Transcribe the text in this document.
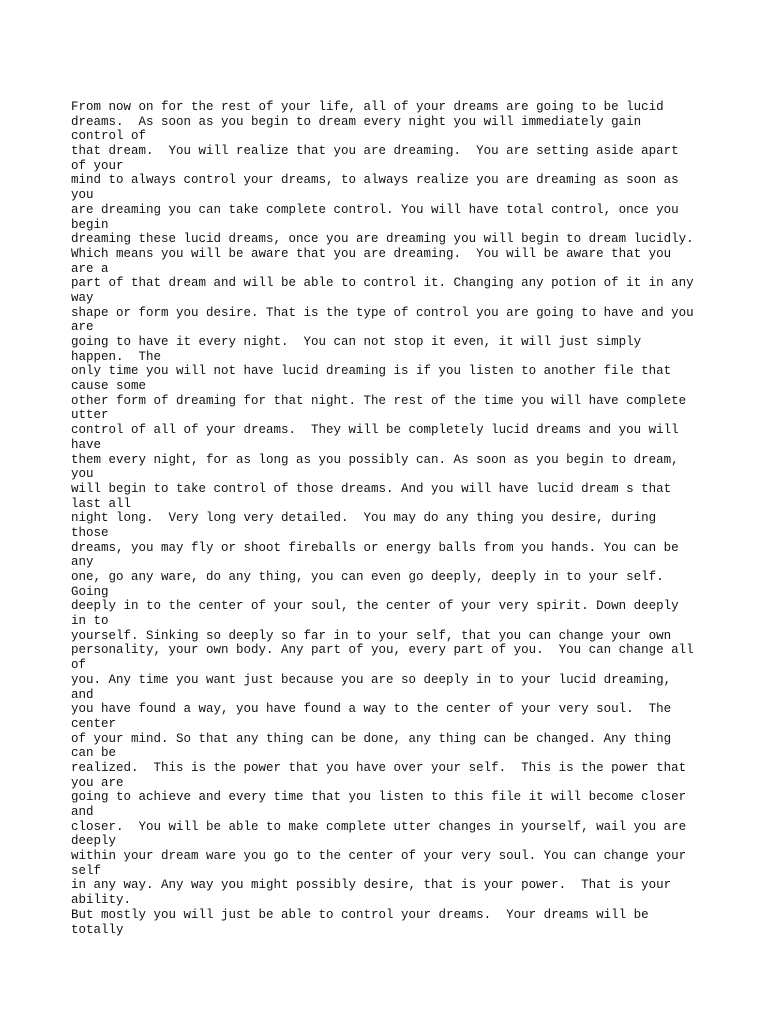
From now on for the rest of your life, all of your dreams are going to be lucid
dreams.  As soon as you begin to dream every night you will immediately gain
control of
that dream.  You will realize that you are dreaming.  You are setting aside apart
of your
mind to always control your dreams, to always realize you are dreaming as soon as
you
are dreaming you can take complete control. You will have total control, once you
begin
dreaming these lucid dreams, once you are dreaming you will begin to dream lucidly.
Which means you will be aware that you are dreaming.  You will be aware that you
are a
part of that dream and will be able to control it. Changing any potion of it in any
way
shape or form you desire. That is the type of control you are going to have and you
are
going to have it every night.  You can not stop it even, it will just simply
happen.  The
only time you will not have lucid dreaming is if you listen to another file that
cause some
other form of dreaming for that night. The rest of the time you will have complete
utter
control of all of your dreams.  They will be completely lucid dreams and you will
have
them every night, for as long as you possibly can. As soon as you begin to dream,
you
will begin to take control of those dreams. And you will have lucid dream s that
last all
night long.  Very long very detailed.  You may do any thing you desire, during
those
dreams, you may fly or shoot fireballs or energy balls from you hands. You can be
any
one, go any ware, do any thing, you can even go deeply, deeply in to your self.
Going
deeply in to the center of your soul, the center of your very spirit. Down deeply
in to
yourself. Sinking so deeply so far in to your self, that you can change your own
personality, your own body. Any part of you, every part of you.  You can change all
of
you. Any time you want just because you are so deeply in to your lucid dreaming,
and
you have found a way, you have found a way to the center of your very soul.  The
center
of your mind. So that any thing can be done, any thing can be changed. Any thing
can be
realized.  This is the power that you have over your self.  This is the power that
you are
going to achieve and every time that you listen to this file it will become closer
and
closer.  You will be able to make complete utter changes in yourself, wail you are
deeply
within your dream ware you go to the center of your very soul. You can change your
self
in any way. Any way you might possibly desire, that is your power.  That is your
ability.
But mostly you will just be able to control your dreams.  Your dreams will be
totally
